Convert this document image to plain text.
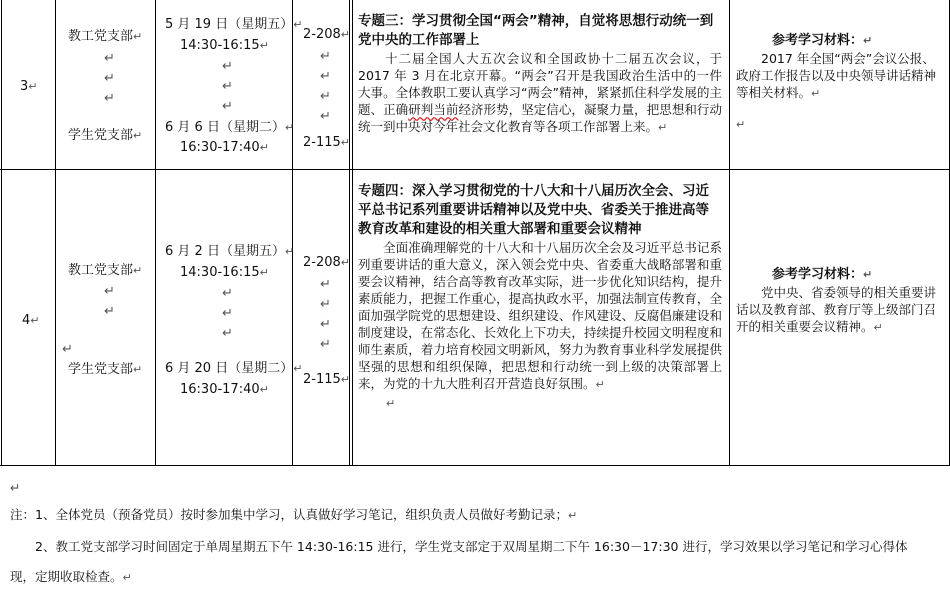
3↵
教工党支部↵
↵
↵
↵
学生党支部↵
5 月 19 日（星期五）↵
14:30-16:15↵
↵
↵
↵
6 月 6 日（星期二）↵
16:30-17:40↵
2-208↵
↵
↵
↵
↵
2-115↵
专题三：学习贯彻全国“两会”精神，自觉将思想行动统一到党中央的工作部署上
　　十二届全国人大五次会议和全国政协十二届五次会议，于 2017 年 3 月在北京开幕。“两会”召开是我国政治生活中的一件大事。全体教职工要认真学习“两会”精神，紧紧抓住科学发展的主题、正确研判当前经济形势，坚定信心，凝聚力量，把思想和行动统一到中央对今年社会文化教育等各项工作部署上来。↵
参考学习材料：↵
　　2017 年全国“两会”会议公报、政府工作报告以及中央领导讲话精神等相关材料。↵
↵
4↵
教工党支部↵
↵
↵
↵
学生党支部↵
6 月 2 日（星期五）↵
14:30-16:15↵
↵
↵
↵
6 月 20 日（星期二）↵
16:30-17:40↵
2-208↵
↵
↵
↵
↵
2-115↵
专题四：深入学习贯彻党的十八大和十八届历次全会、习近平总书记系列重要讲话精神以及党中央、省委关于推进高等教育改革和建设的相关重大部署和重要会议精神
　　全面准确理解党的十八大和十八届历次全会及习近平总书记系列重要讲话的重大意义，深入领会党中央、省委重大战略部署和重要会议精神，结合高等教育改革实际，进一步优化知识结构，提升素质能力，把握工作重心，提高执政水平，加强法制宣传教育，全面加强学院党的思想建设、组织建设、作风建设、反腐倡廉建设和制度建设，在常态化、长效化上下功夫，持续提升校园文明程度和师生素质，着力培育校园文明新风，努力为教育事业科学发展提供坚强的思想和组织保障，把思想和行动统一到上级的决策部署上来，为党的十九大胜利召开营造良好氛围。↵
↵
参考学习材料：↵
　　党中央、省委领导的相关重要讲话以及教育部、教育厅等上级部门召开的相关重要会议精神。↵
↵
注：1、全体党员（预备党员）按时参加集中学习，认真做好学习笔记，组织负责人员做好考勤记录；↵
　　2、教工党支部学习时间固定于单周星期五下午 14:30-16:15 进行，学生党支部定于双周星期二下午 16:30－17:30 进行，学习效果以学习笔记和学习心得体
现，定期收取检查。↵
